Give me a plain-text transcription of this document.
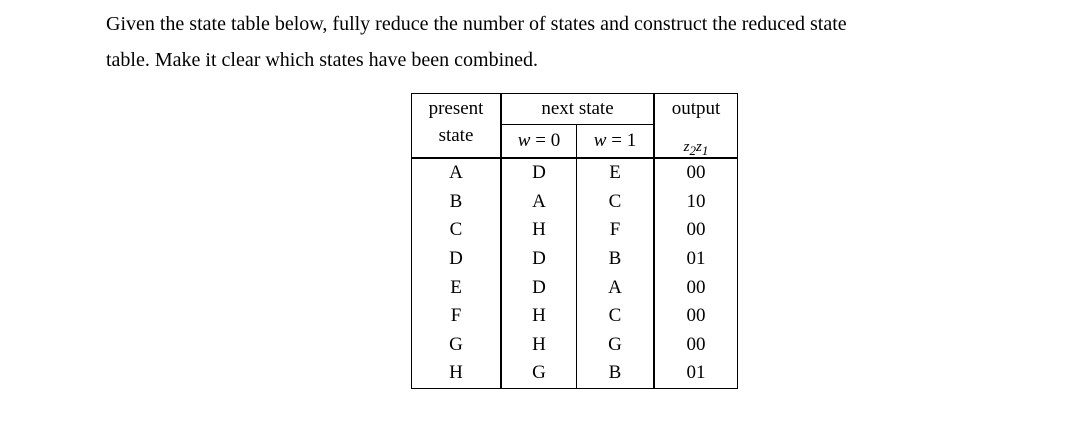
Given the state table below, fully reduce the number of states and construct the reduced state
table. Make it clear which states have been combined.
present	next state		output
state	w = 0	w = 1	$_{z2z1}$
A	D	E	00
B	A	C	10
C	H	F	00
D	D	B	01
E	D	A	00
F	H	C	00
G	H	G	00
H	G	B	01
